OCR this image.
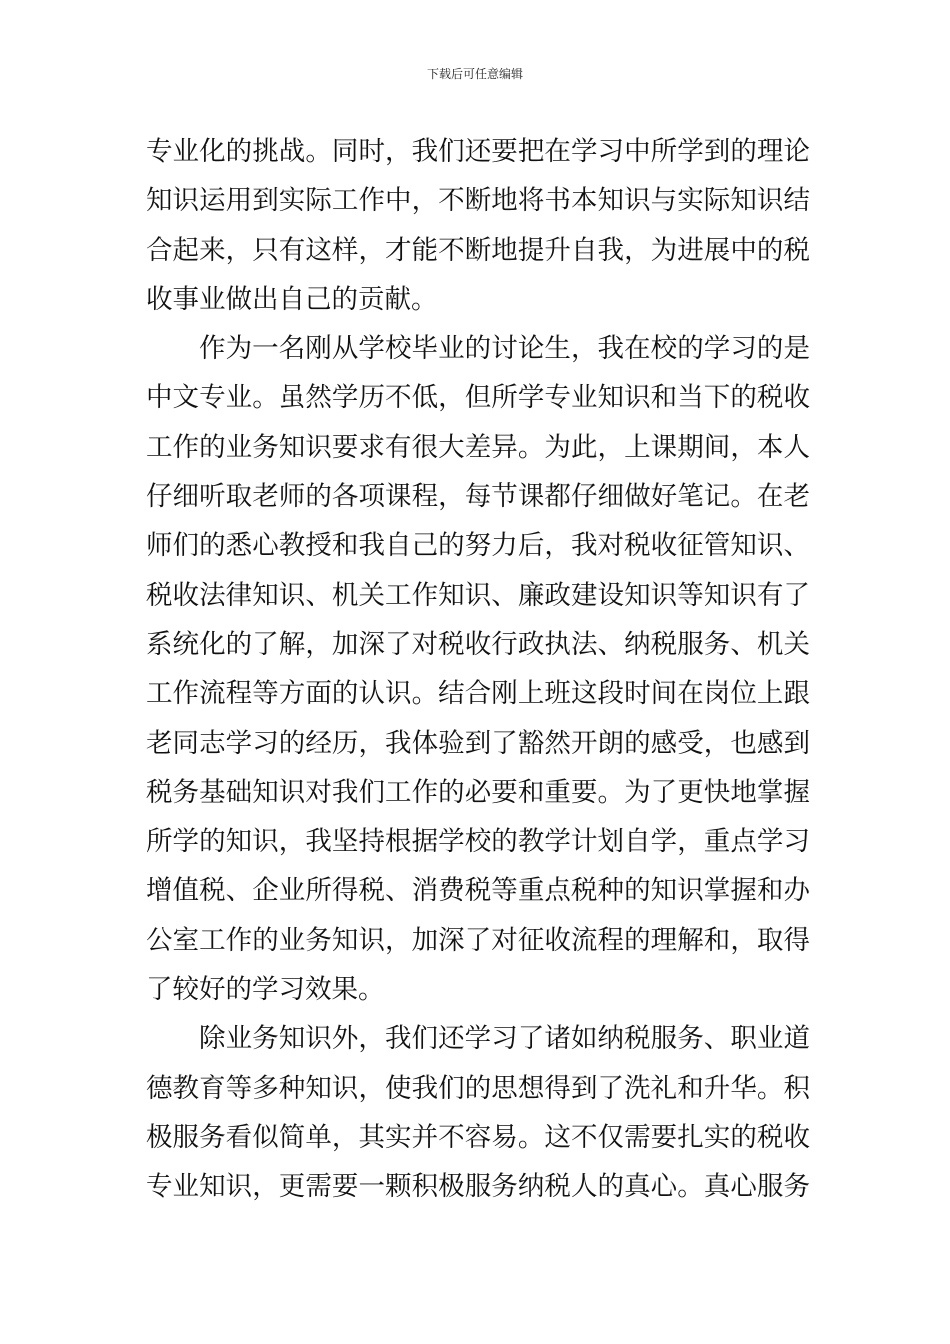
下载后可任意编辑
专业化的挑战。同时，我们还要把在学习中所学到的理论
知识运用到实际工作中，不断地将书本知识与实际知识结
合起来，只有这样，才能不断地提升自我，为进展中的税
收事业做出自己的贡献。
作为一名刚从学校毕业的讨论生，我在校的学习的是
中文专业。虽然学历不低，但所学专业知识和当下的税收
工作的业务知识要求有很大差异。为此，上课期间，本人
仔细听取老师的各项课程，每节课都仔细做好笔记。在老
师们的悉心教授和我自己的努力后，我对税收征管知识、
税收法律知识、机关工作知识、廉政建设知识等知识有了
系统化的了解，加深了对税收行政执法、纳税服务、机关
工作流程等方面的认识。结合刚上班这段时间在岗位上跟
老同志学习的经历，我体验到了豁然开朗的感受，也感到
税务基础知识对我们工作的必要和重要。为了更快地掌握
所学的知识，我坚持根据学校的教学计划自学，重点学习
增值税、企业所得税、消费税等重点税种的知识掌握和办
公室工作的业务知识，加深了对征收流程的理解和，取得
了较好的学习效果。
除业务知识外，我们还学习了诸如纳税服务、职业道
德教育等多种知识，使我们的思想得到了洗礼和升华。积
极服务看似简单，其实并不容易。这不仅需要扎实的税收
专业知识，更需要一颗积极服务纳税人的真心。真心服务
